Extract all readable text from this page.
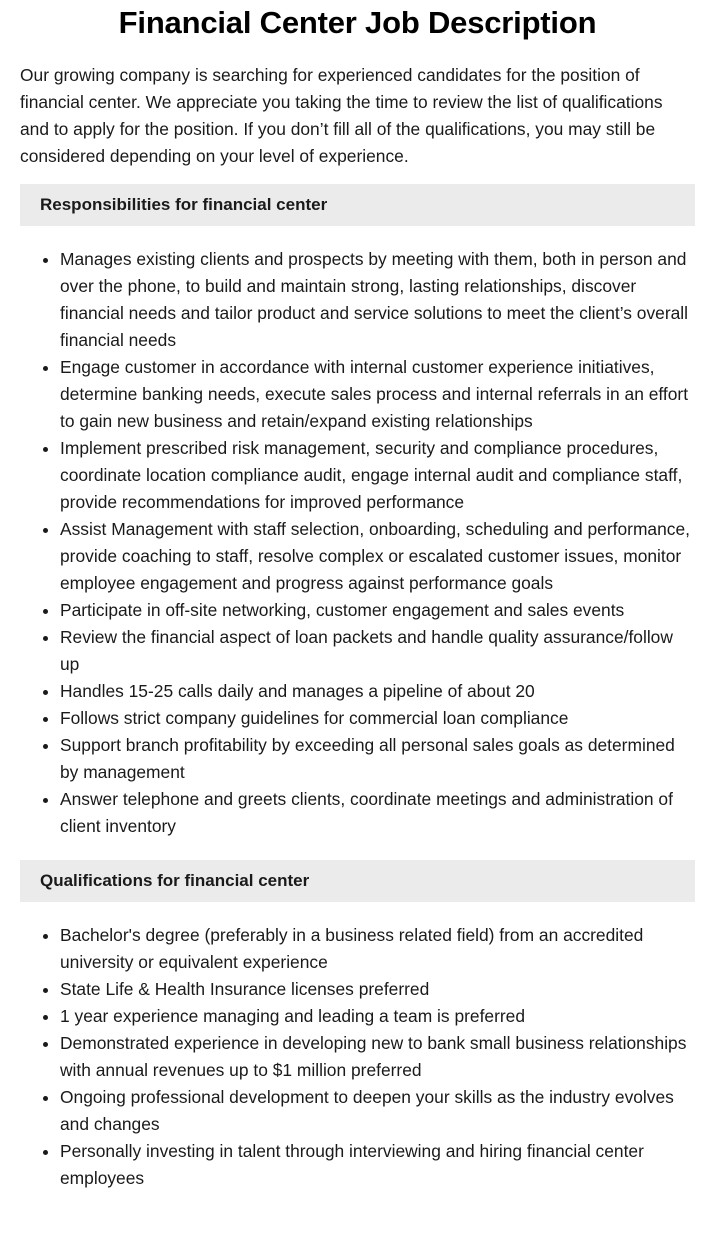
Financial Center Job Description

Our growing company is searching for experienced candidates for the position of financial center. We appreciate you taking the time to review the list of qualifications and to apply for the position. If you don’t fill all of the qualifications, you may still be considered depending on your level of experience.

Responsibilities for financial center
Manages existing clients and prospects by meeting with them, both in person and over the phone, to build and maintain strong, lasting relationships, discover financial needs and tailor product and service solutions to meet the client’s overall financial needs
Engage customer in accordance with internal customer experience initiatives, determine banking needs, execute sales process and internal referrals in an effort to gain new business and retain/expand existing relationships
Implement prescribed risk management, security and compliance procedures, coordinate location compliance audit, engage internal audit and compliance staff, provide recommendations for improved performance
Assist Management with staff selection, onboarding, scheduling and performance, provide coaching to staff, resolve complex or escalated customer issues, monitor employee engagement and progress against performance goals
Participate in off-site networking, customer engagement and sales events
Review the financial aspect of loan packets and handle quality assurance/follow up
Handles 15-25 calls daily and manages a pipeline of about 20
Follows strict company guidelines for commercial loan compliance
Support branch profitability by exceeding all personal sales goals as determined by management
Answer telephone and greets clients, coordinate meetings and administration of client inventory
Qualifications for financial center
Bachelor's degree (preferably in a business related field) from an accredited university or equivalent experience
State Life & Health Insurance licenses preferred
1 year experience managing and leading a team is preferred
Demonstrated experience in developing new to bank small business relationships with annual revenues up to $1 million preferred
Ongoing professional development to deepen your skills as the industry evolves and changes
Personally investing in talent through interviewing and hiring financial center employees
